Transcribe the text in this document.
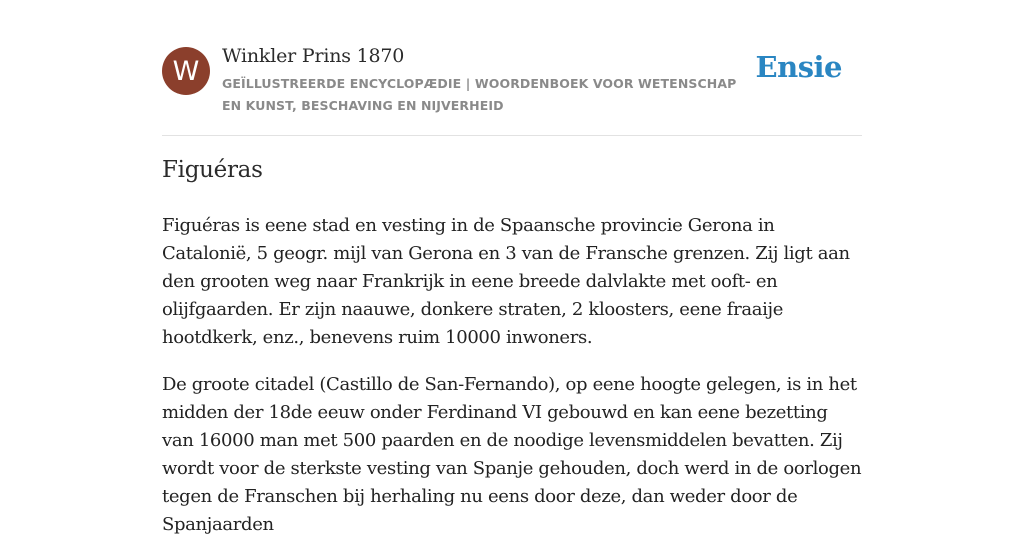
W Winkler Prins 1870
GEÏLLUSTREERDE ENCYCLOPÆDIE | WOORDENBOEK VOOR WETENSCHAP EN KUNST, BESCHAVING EN NIJVERHEID
Ensie
Figuéras

Figuéras is eene stad en vesting in de Spaansche provincie Gerona in Catalonië, 5 geogr. mijl van Gerona en 3 van de Fransche grenzen. Zij ligt aan den grooten weg naar Frankrijk in eene breede dalvlakte met ooft- en olijfgaarden. Er zijn naauwe, donkere straten, 2 kloosters, eene fraaije hootdkerk, enz., benevens ruim 10000 inwoners.

De groote citadel (Castillo de San-Fernando), op eene hoogte gelegen, is in het midden der 18de eeuw onder Ferdinand VI gebouwd en kan eene bezetting van 16000 man met 500 paarden en de noodige levensmiddelen bevatten. Zij wordt voor de sterkste vesting van Spanje gehouden, doch werd in de oorlogen tegen de Franschen bij herhaling nu eens door deze, dan weder door de Spanjaarden
